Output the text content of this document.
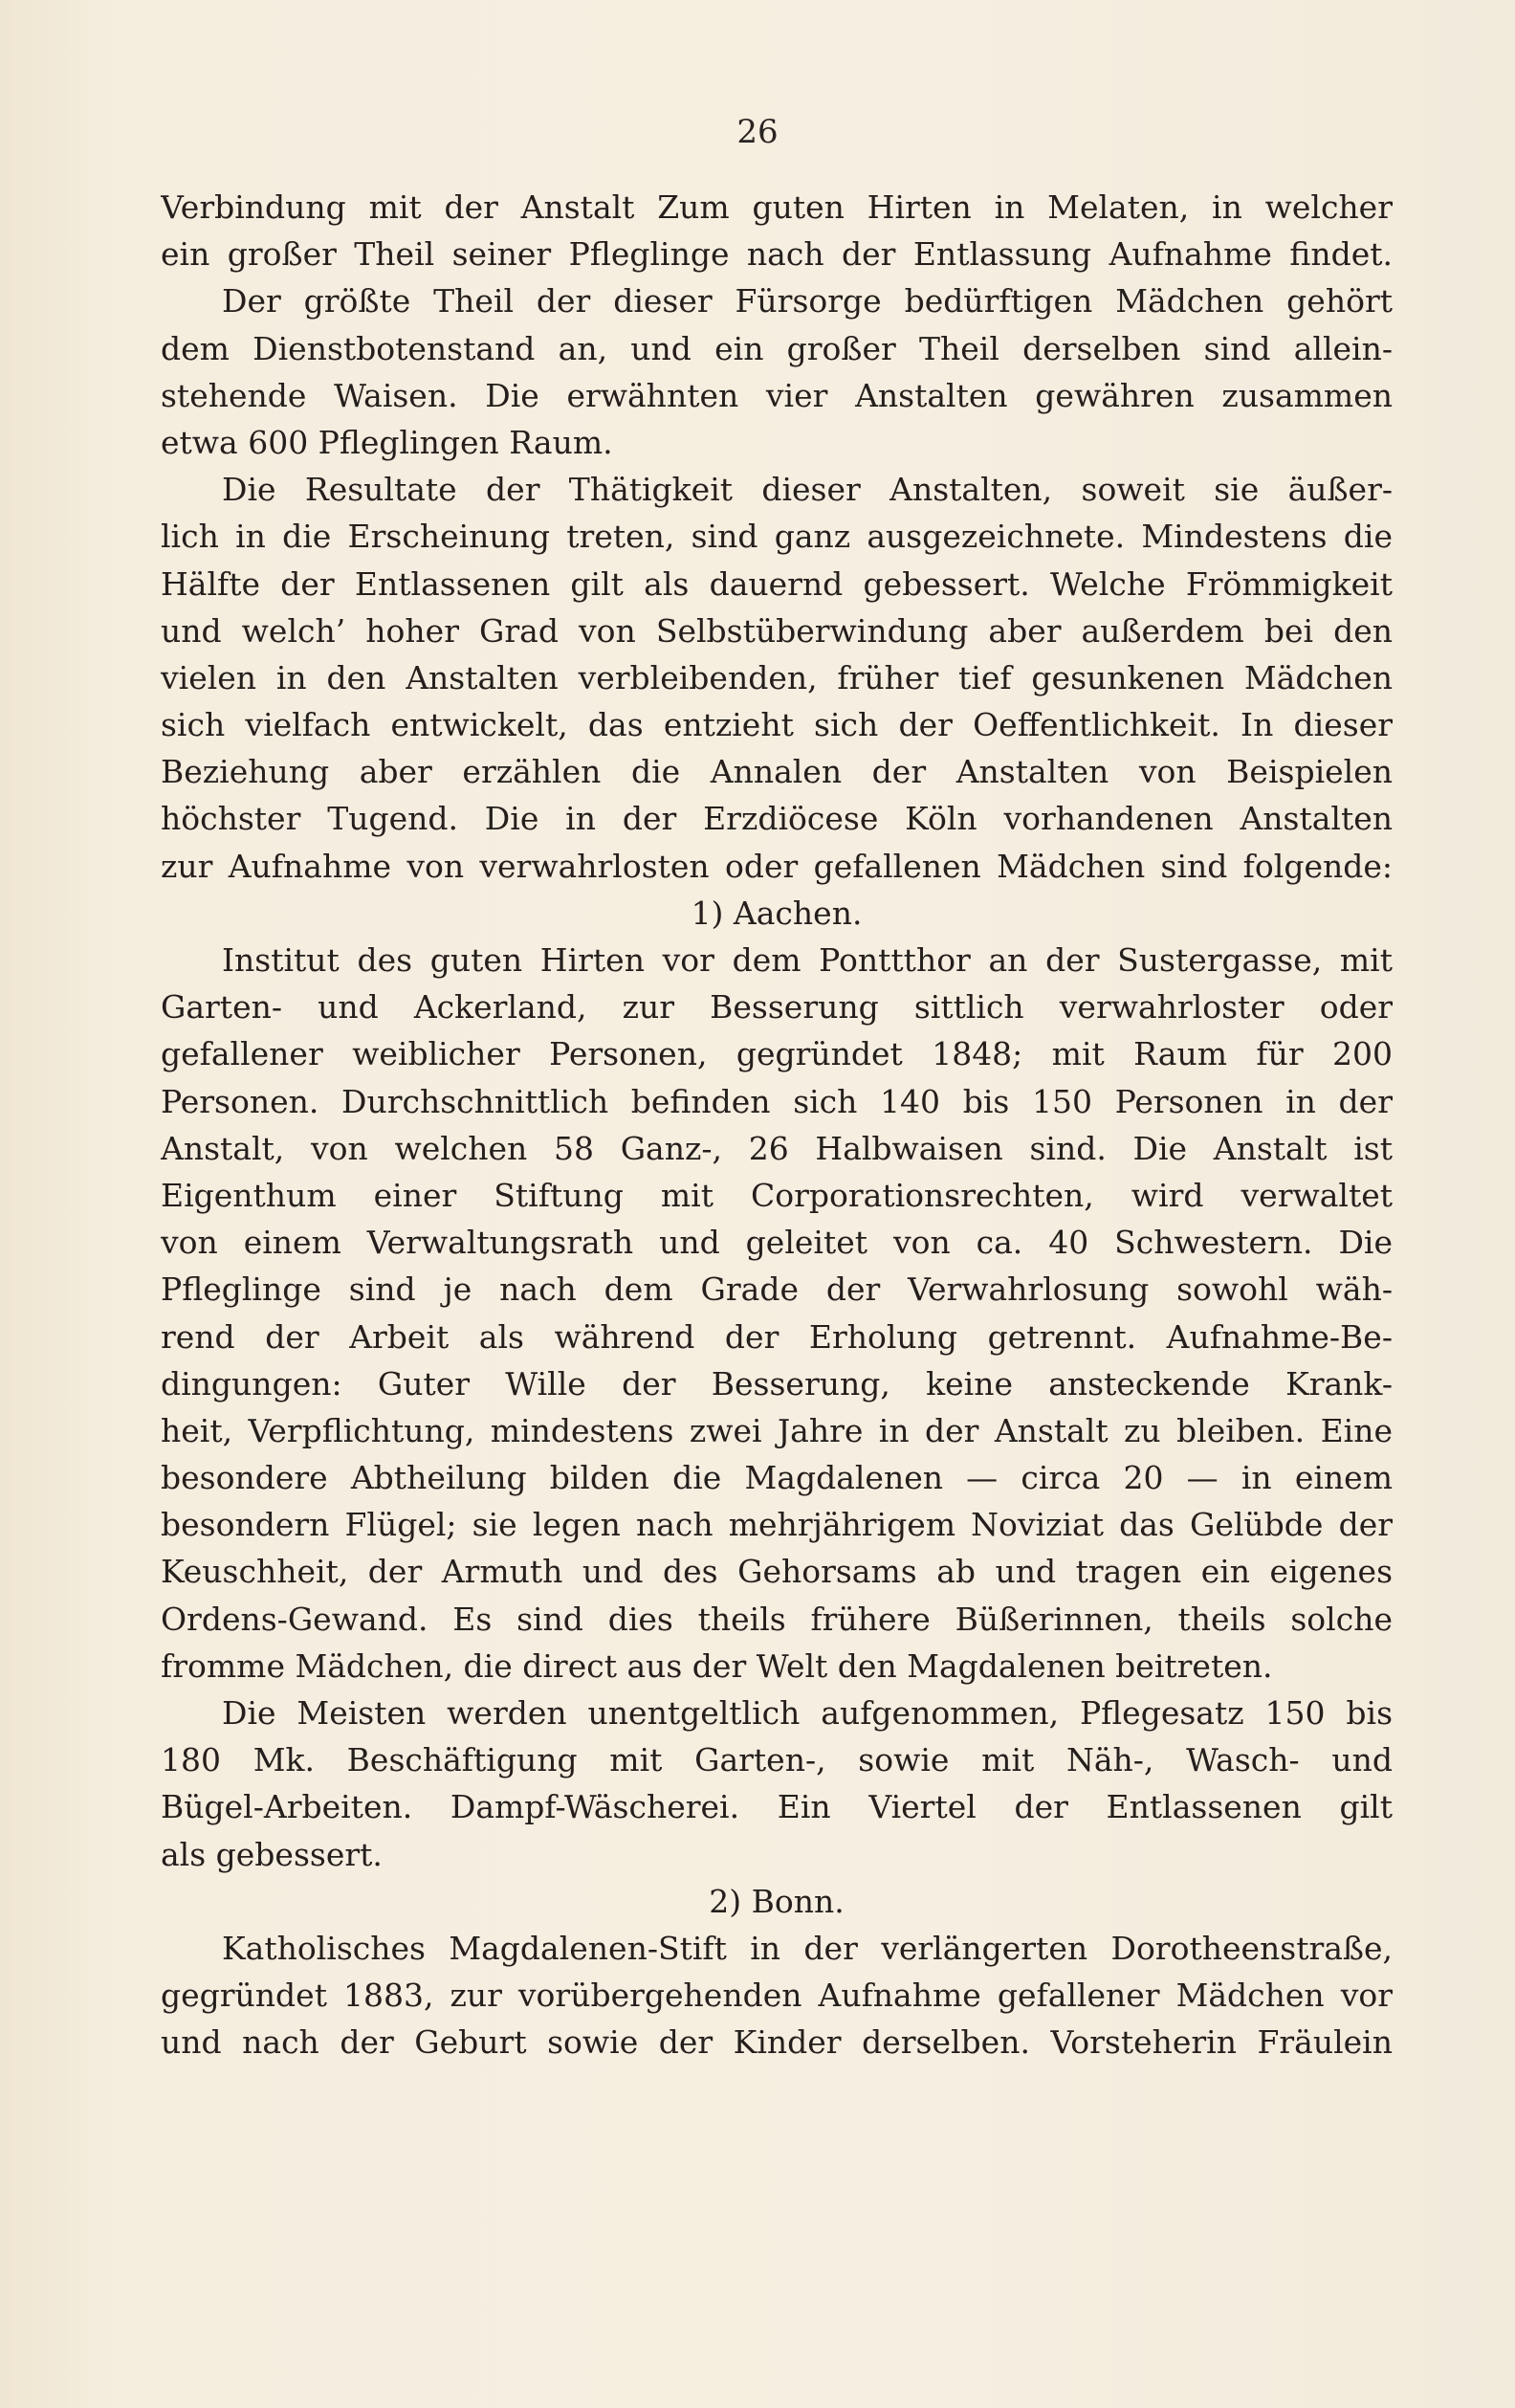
26
Verbindung mit der Anstalt Zum guten Hirten in Melaten, in welcher
ein großer Theil seiner Pfleglinge nach der Entlassung Aufnahme findet.
Der größte Theil der dieser Fürsorge bedürftigen Mädchen gehört
dem Dienstbotenstand an, und ein großer Theil derselben sind allein-
stehende Waisen. Die erwähnten vier Anstalten gewähren zusammen
etwa 600 Pfleglingen Raum.
Die Resultate der Thätigkeit dieser Anstalten, soweit sie äußer-
lich in die Erscheinung treten, sind ganz ausgezeichnete. Mindestens die
Hälfte der Entlassenen gilt als dauernd gebessert. Welche Frömmigkeit
und welch’ hoher Grad von Selbstüberwindung aber außerdem bei den
vielen in den Anstalten verbleibenden, früher tief gesunkenen Mädchen
sich vielfach entwickelt, das entzieht sich der Oeffentlichkeit. In dieser
Beziehung aber erzählen die Annalen der Anstalten von Beispielen
höchster Tugend. Die in der Erzdiöcese Köln vorhandenen Anstalten
zur Aufnahme von verwahrlosten oder gefallenen Mädchen sind folgende:
1) Aachen.
Institut des guten Hirten vor dem Ponttthor an der Sustergasse, mit
Garten- und Ackerland, zur Besserung sittlich verwahrloster oder
gefallener weiblicher Personen, gegründet 1848; mit Raum für 200
Personen. Durchschnittlich befinden sich 140 bis 150 Personen in der
Anstalt, von welchen 58 Ganz-, 26 Halbwaisen sind. Die Anstalt ist
Eigenthum einer Stiftung mit Corporationsrechten, wird verwaltet
von einem Verwaltungsrath und geleitet von ca. 40 Schwestern. Die
Pfleglinge sind je nach dem Grade der Verwahrlosung sowohl wäh-
rend der Arbeit als während der Erholung getrennt. Aufnahme-Be-
dingungen: Guter Wille der Besserung, keine ansteckende Krank-
heit, Verpflichtung, mindestens zwei Jahre in der Anstalt zu bleiben. Eine
besondere Abtheilung bilden die Magdalenen — circa 20 — in einem
besondern Flügel; sie legen nach mehrjährigem Noviziat das Gelübde der
Keuschheit, der Armuth und des Gehorsams ab und tragen ein eigenes
Ordens-Gewand. Es sind dies theils frühere Büßerinnen, theils solche
fromme Mädchen, die direct aus der Welt den Magdalenen beitreten.
Die Meisten werden unentgeltlich aufgenommen, Pflegesatz 150 bis
180 Mk. Beschäftigung mit Garten-, sowie mit Näh-, Wasch- und
Bügel-Arbeiten. Dampf-Wäscherei. Ein Viertel der Entlassenen gilt
als gebessert.
2) Bonn.
Katholisches Magdalenen-Stift in der verlängerten Dorotheenstraße,
gegründet 1883, zur vorübergehenden Aufnahme gefallener Mädchen vor
und nach der Geburt sowie der Kinder derselben. Vorsteherin Fräulein
